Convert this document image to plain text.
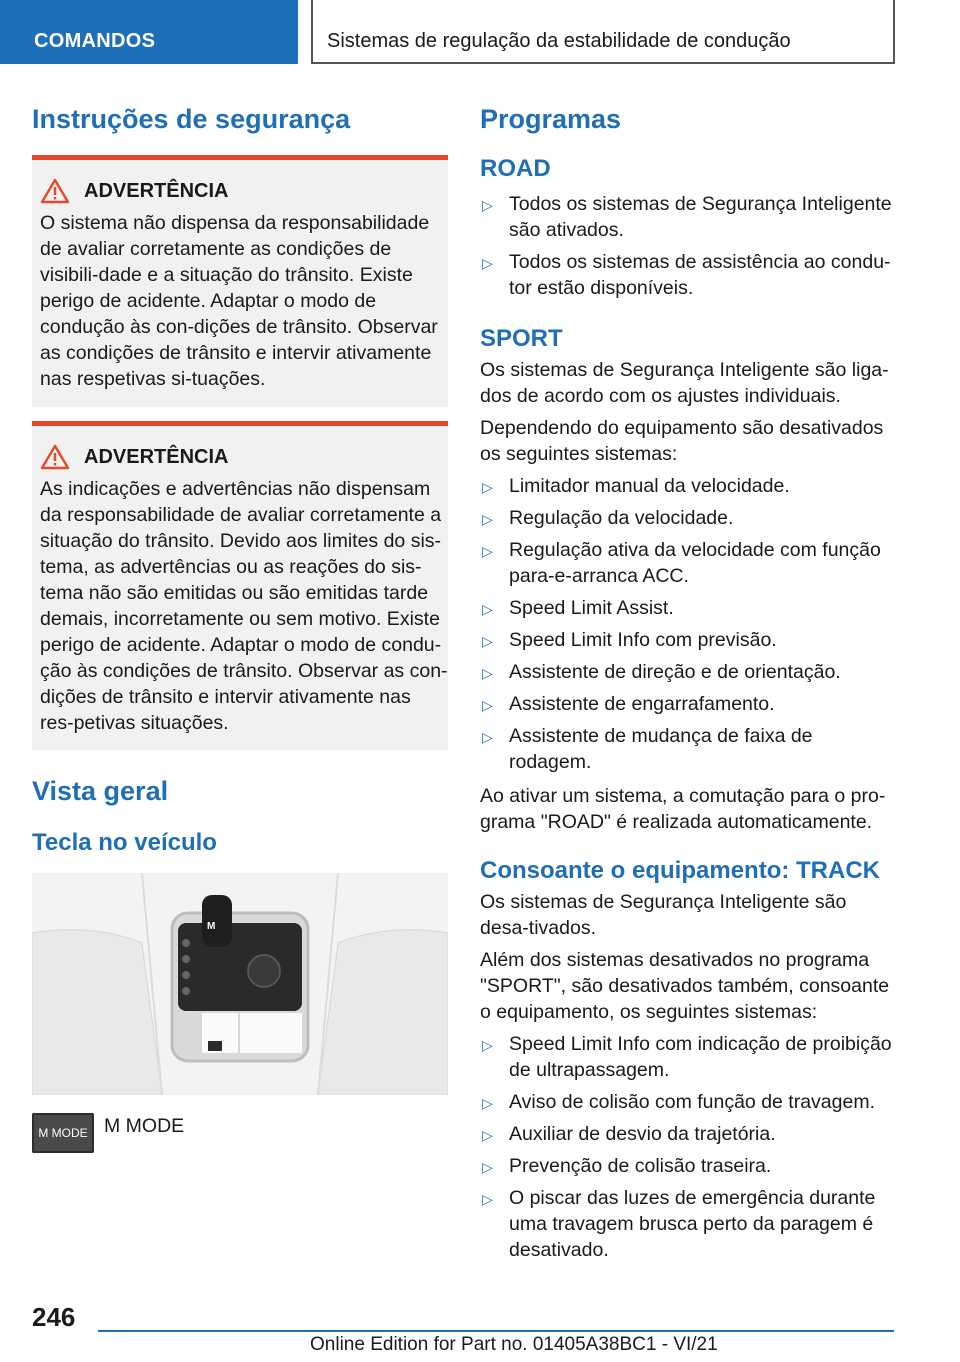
COMANDOS	Sistemas de regulação da estabilidade de condução
Instruções de segurança
ADVERTÊNCIA
O sistema não dispensa da responsabilidade de avaliar corretamente as condições de visibili‐dade e a situação do trânsito. Existe perigo de acidente. Adaptar o modo de condução às con‐dições de trânsito. Observar as condições de trânsito e intervir ativamente nas respetivas si‐tuações.
ADVERTÊNCIA
As indicações e advertências não dispensam da responsabilidade de avaliar corretamente a situação do trânsito. Devido aos limites do sis‐tema, as advertências ou as reações do sis‐tema não são emitidas ou são emitidas tarde demais, incorretamente ou sem motivo. Existe perigo de acidente. Adaptar o modo de condu‐ção às condições de trânsito. Observar as con‐dições de trânsito e intervir ativamente nas res‐petivas situações.
Vista geral
Tecla no veículo
M
M MODE M MODE
Programas
ROAD
▷ Todos os sistemas de Segurança Inteligente são ativados.
▷ Todos os sistemas de assistência ao condu‐tor estão disponíveis.
SPORT

Os sistemas de Segurança Inteligente são liga‐dos de acordo com os ajustes individuais.

Dependendo do equipamento são desativados os seguintes sistemas:

▷ Limitador manual da velocidade.
▷ Regulação da velocidade.
▷ Regulação ativa da velocidade com função para-e-arranca ACC.
▷ Speed Limit Assist.
▷ Speed Limit Info com previsão.
▷ Assistente de direção e de orientação.
▷ Assistente de engarrafamento.
▷ Assistente de mudança de faixa de rodagem.

Ao ativar um sistema, a comutação para o pro‐grama "ROAD" é realizada automaticamente.

Consoante o equipamento: TRACK

Os sistemas de Segurança Inteligente são desa‐tivados.

Além dos sistemas desativados no programa "SPORT", são desativados também, consoante o equipamento, os seguintes sistemas:

▷ Speed Limit Info com indicação de proibição de ultrapassagem.
▷ Aviso de colisão com função de travagem.
▷ Auxiliar de desvio da trajetória.
▷ Prevenção de colisão traseira.
▷ O piscar das luzes de emergência durante uma travagem brusca perto da paragem é desativado.
246
Online Edition for Part no. 01405A38BC1 - VI/21
